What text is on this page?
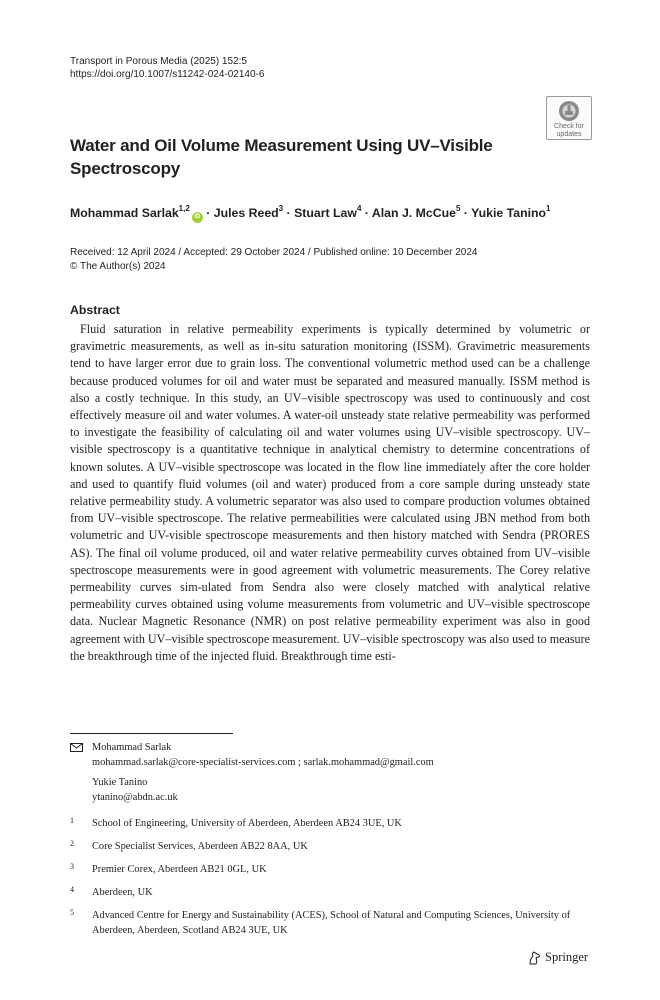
Transport in Porous Media (2025) 152:5
https://doi.org/10.1007/s11242-024-02140-6
Check for
updates
Water and Oil Volume Measurement Using UV–Visible Spectroscopy
Mohammad Sarlak$^{1,2}$iD · Jules Reed$^3$ · Stuart Law$^4$ · Alan J. McCue$^5$ · Yukie Tanino$^1$
Received: 12 April 2024 / Accepted: 29 October 2024 / Published online: 10 December 2024
© The Author(s) 2024
Abstract
Fluid saturation in relative permeability experiments is typically determined by volumetric or gravimetric measurements, as well as in-situ saturation monitoring (ISSM). Gravimetric measurements tend to have larger error due to grain loss. The conventional volumetric method used can be a challenge because produced volumes for oil and water must be separated and measured manually. ISSM method is also a costly technique. In this study, an UV–visible spectroscopy was used to continuously and cost effectively measure oil and water volumes. A water-oil unsteady state relative permeability was performed to investigate the feasibility of calculating oil and water volumes using UV–visible spectroscopy. UV–visible spectroscopy is a quantitative technique in analytical chemistry to determine concentrations of known solutes. A UV–visible spectroscope was located in the flow line immediately after the core holder and used to quantify fluid volumes (oil and water) produced from a core sample during unsteady state relative permeability study. A volumetric separator was also used to compare production volumes obtained from UV–visible spectroscope. The relative permeabilities were calculated using JBN method from both volumetric and UV-visible spectroscope measurements and then history matched with Sendra (PRORES AS). The final oil volume produced, oil and water relative permeability curves obtained from UV–visible spectroscope measurements were in good agreement with volumetric measurements. The Corey relative permeability curves sim-ulated from Sendra also were closely matched with analytical relative permeability curves obtained using volume measurements from volumetric and UV–visible spectroscope data. Nuclear Magnetic Resonance (NMR) on post relative permeability experiment was also in good agreement with UV–visible spectroscope measurement. UV–visible spectroscopy was also used to measure the breakthrough time of the injected fluid. Breakthrough time esti-
Mohammad Sarlak
mohammad.sarlak@core-specialist-services.com ; sarlak.mohammad@gmail.com
Yukie Tanino
ytanino@abdn.ac.uk
1 School of Engineering, University of Aberdeen, Aberdeen AB24 3UE, UK
2 Core Specialist Services, Aberdeen AB22 8AA, UK
3 Premier Corex, Aberdeen AB21 0GL, UK
4 Aberdeen, UK
5 Advanced Centre for Energy and Sustainability (ACES), School of Natural and Computing Sciences, University of Aberdeen, Aberdeen, Scotland AB24 3UE, UK
Springer
